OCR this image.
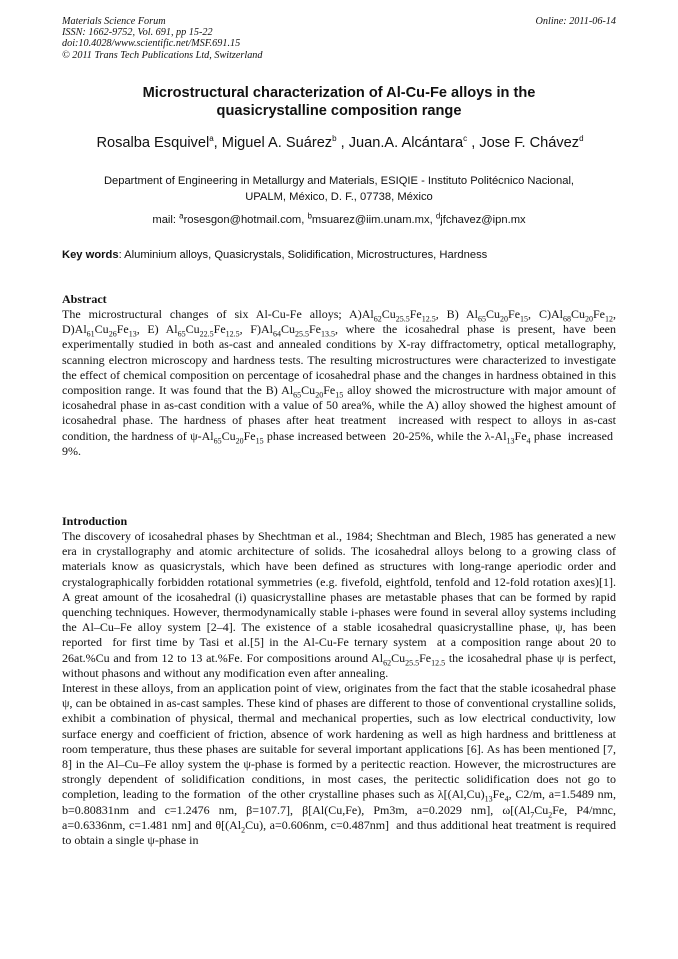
Materials Science Forum
ISSN: 1662-9752, Vol. 691, pp 15-22
doi:10.4028/www.scientific.net/MSF.691.15
© 2011 Trans Tech Publications Ltd, Switzerland
Online: 2011-06-14
Microstructural characterization of Al-Cu-Fe alloys in the
quasicrystalline composition range
Rosalba Esquivel$^a$, Miguel A. Suárez$^b$ , Juan.A. Alcántara$^c$ , Jose F. Chávez$^d$
Department of Engineering in Metallurgy and Materials, ESIQIE - Instituto Politécnico Nacional,
UPALM, México, D. F., 07738, México
mail: $^a$rosesgon@hotmail.com, $^b$msuarez@iim.unam.mx, $^d$jfchavez@ipn.mx
Key words: Aluminium alloys, Quasicrystals, Solidification, Microstructures, Hardness
Abstract

The microstructural changes of six Al-Cu-Fe alloys; $A)Al_{62}Cu_{25.5}Fe_{12.5}$, B) $Al_{65}Cu_{20}Fe_{15}$, $C)Al_{68}Cu_{20}Fe_{12}$, $D)Al_{61}Cu_{26}Fe_{13}$, E) $Al_{65}Cu_{22.5}Fe_{12.5}$, $F)Al_{64}Cu_{25.5}Fe_{13.5}$, where the icosahedral phase is present, have been experimentally studied in both as-cast and annealed conditions by X-ray diffractometry, optical metallography, scanning electron microscopy and hardness tests. The resulting microstructures were characterized to investigate the effect of chemical composition on percentage of icosahedral phase and the changes in hardness obtained in this composition range. It was found that the B) $Al_{65}Cu_{20}Fe_{15}$ alloy showed the microstructure with major amount of icosahedral phase in as-cast condition with a value of 50 area%, while the A) alloy showed the highest amount of icosahedral phase. The hardness of phases after heat treatment  increased with respect to alloys in as-cast condition, the hardness of $\psi-Al_{65}Cu_{20}Fe_{15}$ phase increased between  20-25%, while the $\lambda-Al_{13}Fe_4$ phase  increased  9%.

Introduction

The discovery of icosahedral phases by Shechtman et al., 1984; Shechtman and Blech, 1985 has generated a new era in crystallography and atomic architecture of solids. The icosahedral alloys belong to a growing class of materials know as quasicrystals, which have been defined as structures with long-range aperiodic order and crystalographically forbidden rotational symmetries (e.g. fivefold, eightfold, tenfold and 12-fold rotation axes)[1]. A great amount of the icosahedral (i) quasicrystalline phases are metastable phases that can be formed by rapid quenching techniques. However, thermodynamically stable i-phases were found in several alloy systems including the Al–Cu–Fe alloy system [2–4]. The existence of a stable icosahedral quasicrystalline phase, ψ, has been reported  for first time by Tasi et al.[5] in the Al-Cu-Fe ternary system  at a composition range about 20 to 26at.%Cu and from 12 to 13 at.%Fe. For compositions around $Al_{62}Cu_{25.5}Fe_{12.5}$ the icosahedral phase ψ is perfect, without phasons and without any modification even after annealing.

Interest in these alloys, from an application point of view, originates from the fact that the stable icosahedral phase ψ, can be obtained in as-cast samples. These kind of phases are different to those of conventional crystalline solids, exhibit a combination of physical, thermal and mechanical properties, such as low electrical conductivity, low surface energy and coefficient of friction, absence of work hardening as well as high hardness and brittleness at room temperature, thus these phases are suitable for several important applications [6]. As has been mentioned [7, 8] in the Al–Cu–Fe alloy system the ψ-phase is formed by a peritectic reaction. However, the microstructures are strongly dependent of solidification conditions, in most cases, the peritectic solidification does not go to completion, leading to the formation  of the other crystalline phases such as $\lambda[(Al,Cu)_{13}Fe_4$, C2/m, a=1.5489 nm, b=0.80831nm and c=1.2476 nm, β=107.7], β[Al(Cu,Fe), Pm3m, a=0.2029 nm], $\omega[(Al_7Cu_2Fe$, P4/mnc, a=0.6336nm, c=1.481 nm] and $\theta[(Al_2Cu)$, a=0.606nm, c=0.487nm]  and thus additional heat treatment is required to obtain a single ψ-phase in
